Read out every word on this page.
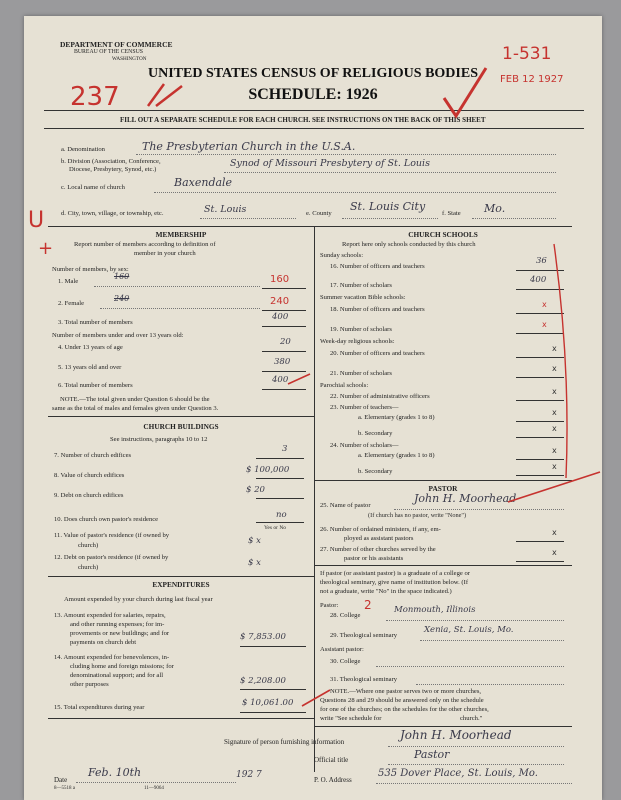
DEPARTMENT OF COMMERCE
BUREAU OF THE CENSUS
WASHINGTON
UNITED STATES CENSUS OF RELIGIOUS BODIES
SCHEDULE: 1926
FILL OUT A SEPARATE SCHEDULE FOR EACH CHURCH. SEE INSTRUCTIONS ON THE BACK OF THIS SHEET
237
1-531
FEB 12 1927
U
+
a. Denomination	The Presbyterian Church in the U.S.A.
b. Division (Association, Conference,
Diocese, Presbytery, Synod, etc.)
Synod of Missouri Presbytery of St. Louis
c. Local name of church	Baxendale
d. City, town, village, or township, etc.	St. Louis	e. County
St. Louis City
f. State Mo.
MEMBERSHIP
Report number of members according to definition of
member in your church
Number of members, by sex:
1. Male
160	160
2. Female
240	240
3. Total number of members
400
Number of members under and over 13 years old:
4. Under 13 years of age
20
5. 13 years old and over
380
6. Total number of members
400
NOTE.—The total given under Question 6 should be the
same as the total of males and females given under Question 3.
CHURCH BUILDINGS
See instructions, paragraphs 10 to 12
7. Number of church edifices
3
8. Value of church edifices
$ 100,000
9. Debt on church edifices
$ 20
10. Does church own pastor's residence	no
Yes or No
11. Value of pastor's residence (if owned by
church)	$ x
12. Debt on pastor's residence (if owned by
church)	$ x
EXPENDITURES
Amount expended by your church during last fiscal year
13. Amount expended for salaries, repairs,
and other running expenses; for im-
provements or new buildings; and for
payments on church debt
$ 7,853.00
14. Amount expended for benevolences, in-
cluding home and foreign missions; for
denominational support; and for all
other purposes	$ 2,208.00
15. Total expenditures during year	$ 10,061.00
CHURCH SCHOOLS
Report here only schools conducted by this church
Sunday schools:
16. Number of officers and teachers
36
17. Number of scholars
400
Summer vacation Bible schools:
18. Number of officers and teachers
x
19. Number of scholars
x
Week-day religious schools:
20. Number of officers and teachers
x
21. Number of scholars
x
Parochial schools:
22. Number of administrative officers
x
23. Number of teachers—
a. Elementary (grades 1 to 8)
x
b. Secondary
x
24. Number of scholars—
a. Elementary (grades 1 to 8)
x
b. Secondary
x
PASTOR
25. Name of pastor
John H. Moorhead
(If church has no pastor, write "None")
26. Number of ordained ministers, if any, em-
ployed as assistant pastors
x
27. Number of other churches served by the
pastor or his assistants
x
If pastor (or assistant pastor) is a graduate of a college or
theological seminary, give name of institution below. (If
not a graduate, write "No" in the space indicated.)
Pastor: 2
28. College
Monmouth, Illinois
29. Theological seminary
Xenia, St. Louis, Mo.
Assistant pastor:
30. College
31. Theological seminary
NOTE.—Where one pastor serves two or more churches,
Questions 28 and 29 should be answered only on the schedule
for one of the churches; on the schedules for the other churches,
write "See schedule for	church."
Signature of person furnishing information	John H. Moorhead
Official title	Pastor
Date
Feb. 10th	192 7	P. O. Address
535 Dover Place, St. Louis, Mo.
8—5518 a	11—9064
